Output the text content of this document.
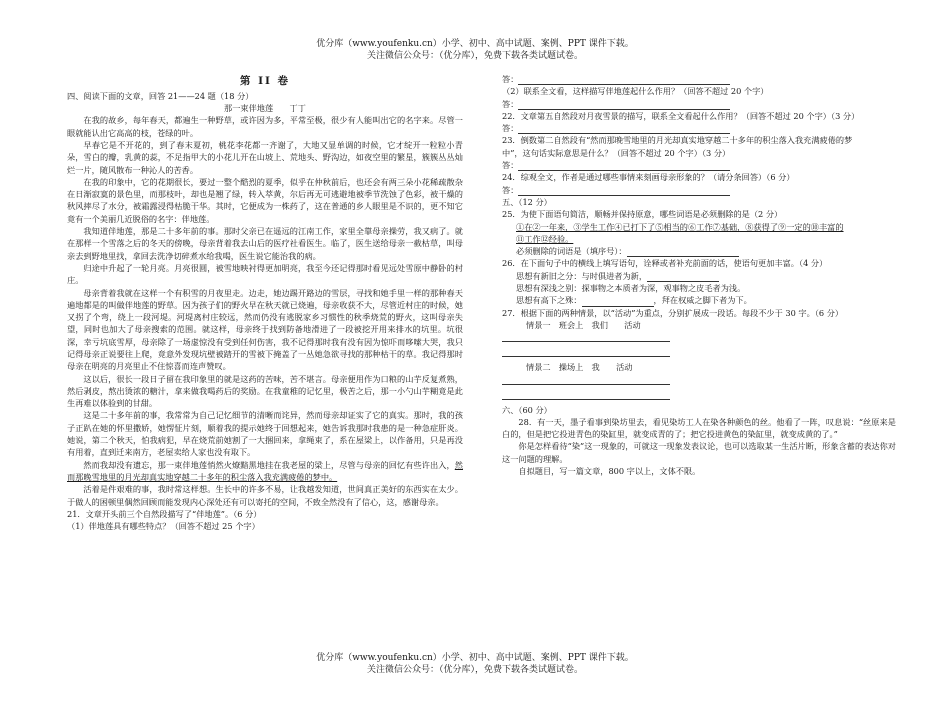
优分库（www.youfenku.cn）小学、初中、高中试题、案例、PPT 课件下载。
关注微信公众号：（优分库），免费下载各类试题试卷。
第 II 卷

四、阅读下面的文章，回答 21——24 题（18 分）

那一束伴地莲　　丁丁

在我的故乡，每年春天，都遍生一种野草，或许因为多，平常至极，很少有人能叫出它的名字来。尽管一眼就能认出它高高的枝，苍绿的叶。

早春它是不开花的，到了春末夏初，桃花李花都一齐谢了，大地又显单调的时候，它才绽开一粒粒小青朵，雪白的瓣，乳黄的蕊，不足指甲大的小花儿开在山坡上、荒地头、野沟边，如夜空里的繁星，簇簇丛丛灿烂一片，随风散布一种沁人的苦香。

在我的印象中，它的花期很长，要过一整个酷烈的夏季，似乎在仲秋前后，也还会有两三朵小花稀疏散杂在日渐寂寞的景色里，而那枝叶，却也是翘了绿，转入萃黄，尔后再无可逃避地被季节洗蚀了色彩，被干燥的秋风摔尽了水分，被霜露浸得枯脆干华。其时，它便成为一株药了，这在普通的乡人眼里是不识的，更不知它竟有一个美丽几近脱俗的名字：伴地莲。

我知道伴地莲，那是二十多年前的事。那时父亲已在遥远的江南工作，家里全靠母亲操劳，我又病了。就在那样一个雪落之后的冬天的傍晚，母亲背着我去山后的医疗社看医生。临了，医生送给母亲一截枯草，叫母亲去到野地里找，拿回去洗净切碎煮水给我喝，医生说它能治我的病。

归途中升起了一轮月亮。月亮很圆，被雪地映衬得更加明亮，我至今还记得那时看见远处雪原中静卧的村庄。

母亲背着我就在这样一个有积雪的月夜里走。边走，她边踢开路边的雪层，寻找和她手里一样的那种春天遍地都是的叫做伴地莲的野草。因为孩子们的野火早在秋天就已烧遍，母亲收获不大，尽管近村庄的时候，她又拐了个弯，绕上一段河堤。河堤离村庄较远，然而仍没有逃脱家乡习惯性的秋季烧荒的野火，这叫母亲失望，同时也加大了母亲搜索的范围。就这样，母亲终于找到防备地滑进了一段被挖开用来排水的坑里。坑很深，幸亏坑底雪厚，母亲除了一场虚惊没有受到任何伤害，我不记得那时我有没有因为惊吓而哆嗦大哭，我只记得母亲正说要往上爬，竟意外发现坑壁被踏开的雪被下掩盖了一丛她急欲寻找的那种枯干的草。我记得那时母亲在明亮的月亮里止不住惊喜而连声赞叹。

这以后，很长一段日子留在我印象里的就是这药的苦味，苦不堪言。母亲便用作为口粮的山芋反复煮熟，然后剥皮，熬出烫浓的糖汁，拿来做我喝药后的奖励。在我童稚的记忆里，极苦之后，那一小勺山芋糊竟是此生再难以体验到的甘甜。

这是二十多年前的事，我常常为自己记忆细节的清晰而诧异，然而母亲却证实了它的真实。那时，我的孩子正趴在她的怀里撒娇，她愣怔片刻，顺着我的提示她终于回想起来，她告诉我那时我患的是一种急症肝炎。她说，第二个秋天，怕我病犯，早在烧荒前她割了一大捆回来，拿绳束了，系在屋梁上，以作备用，只是再没有用着，直到迁来南方，老屋卖给人家也没有取下。

然而我却没有遗忘，那一束伴地莲悄然火燎黯黑地挂在我老屋的梁上，尽管与母亲的回忆有些许出入，然而那晚雪地里的月光却真实地穿越二十多年的积尘落入我充满疲倦的梦中。

活着是件艰难的事，我时常这样想。生长中的许多不易，让我越发知道，世间真正美好的东西实在太少。于做人的困顿里偶然回顾而能发现内心深处还有可以寄托的空间，不致全然没有了信心，这，感谢母亲。

21．文章开头前三个自然段描写了“伴地莲”。（6 分）

（1）伴地莲具有哪些特点？（回答不超过 25 个字）

答：

（2）联系全文看，这样描写伴地莲起什么作用？（回答不超过 20 个字）

答：

22．文章第五自然段对月夜雪景的描写，联系全文看起什么作用？（回答不超过 20 个字）（3 分）

答：

23．倒数第二自然段有“然而那晚雪地里的月光却真实地穿越二十多年的积尘落入我充满疲倦的梦

中”，这句话实际意思是什么？（回答不超过 20 个字）（3 分）

答：

24．综观全文，作者是通过哪些事情来刻画母亲形象的？（请分条回答）（6 分）

答：

五、（12 分）

25．为使下面语句简洁，顺畅并保持原意，哪些词语是必须删除的是（2 分）

①在②一年来，③学生工作④已打下了⑤相当的⑥工作⑦基础，⑧获得了⑨一定的⑩丰富的

⑪工作⑫经验。

必须删除的词语是（填序号）：

26．在下面句子中的横线上填写语句，诠释或者补充前面的话，使语句更加丰富。（4 分）

思想有新旧之分：与时俱进者为新，

思想有深浅之别：探事物之本质者为深，观事物之皮毛者为浅。

思想有高下之殊：	，拜在权威之脚下者为下。

27．根据下面的两种情景，以“活动”为重点，分别扩展成一段话。每段不少于 30 字。（6 分）

情景一　班会上　我们　　活动

情景二　操场上　我　　活动

六、（60 分）

28．有一天，墨子看事到染坊里去，看见染坊工人在染各种颜色的丝。他看了一阵，叹息说：“丝原来是白的，但是把它投进青色的染缸里，就变成青的了；把它投进黄色的染缸里，就变成黄的了。”

你是怎样看待“染”这一现象的，可就这一现象发表议论，也可以选取某一生活片断，形象含蓄的表达你对这一问题的理解。

自拟题目，写一篇文章，800 字以上，文体不限。

优分库（www.youfenku.cn）小学、初中、高中试题、案例、PPT 课件下载。
关注微信公众号：（优分库），免费下载各类试题试卷。
